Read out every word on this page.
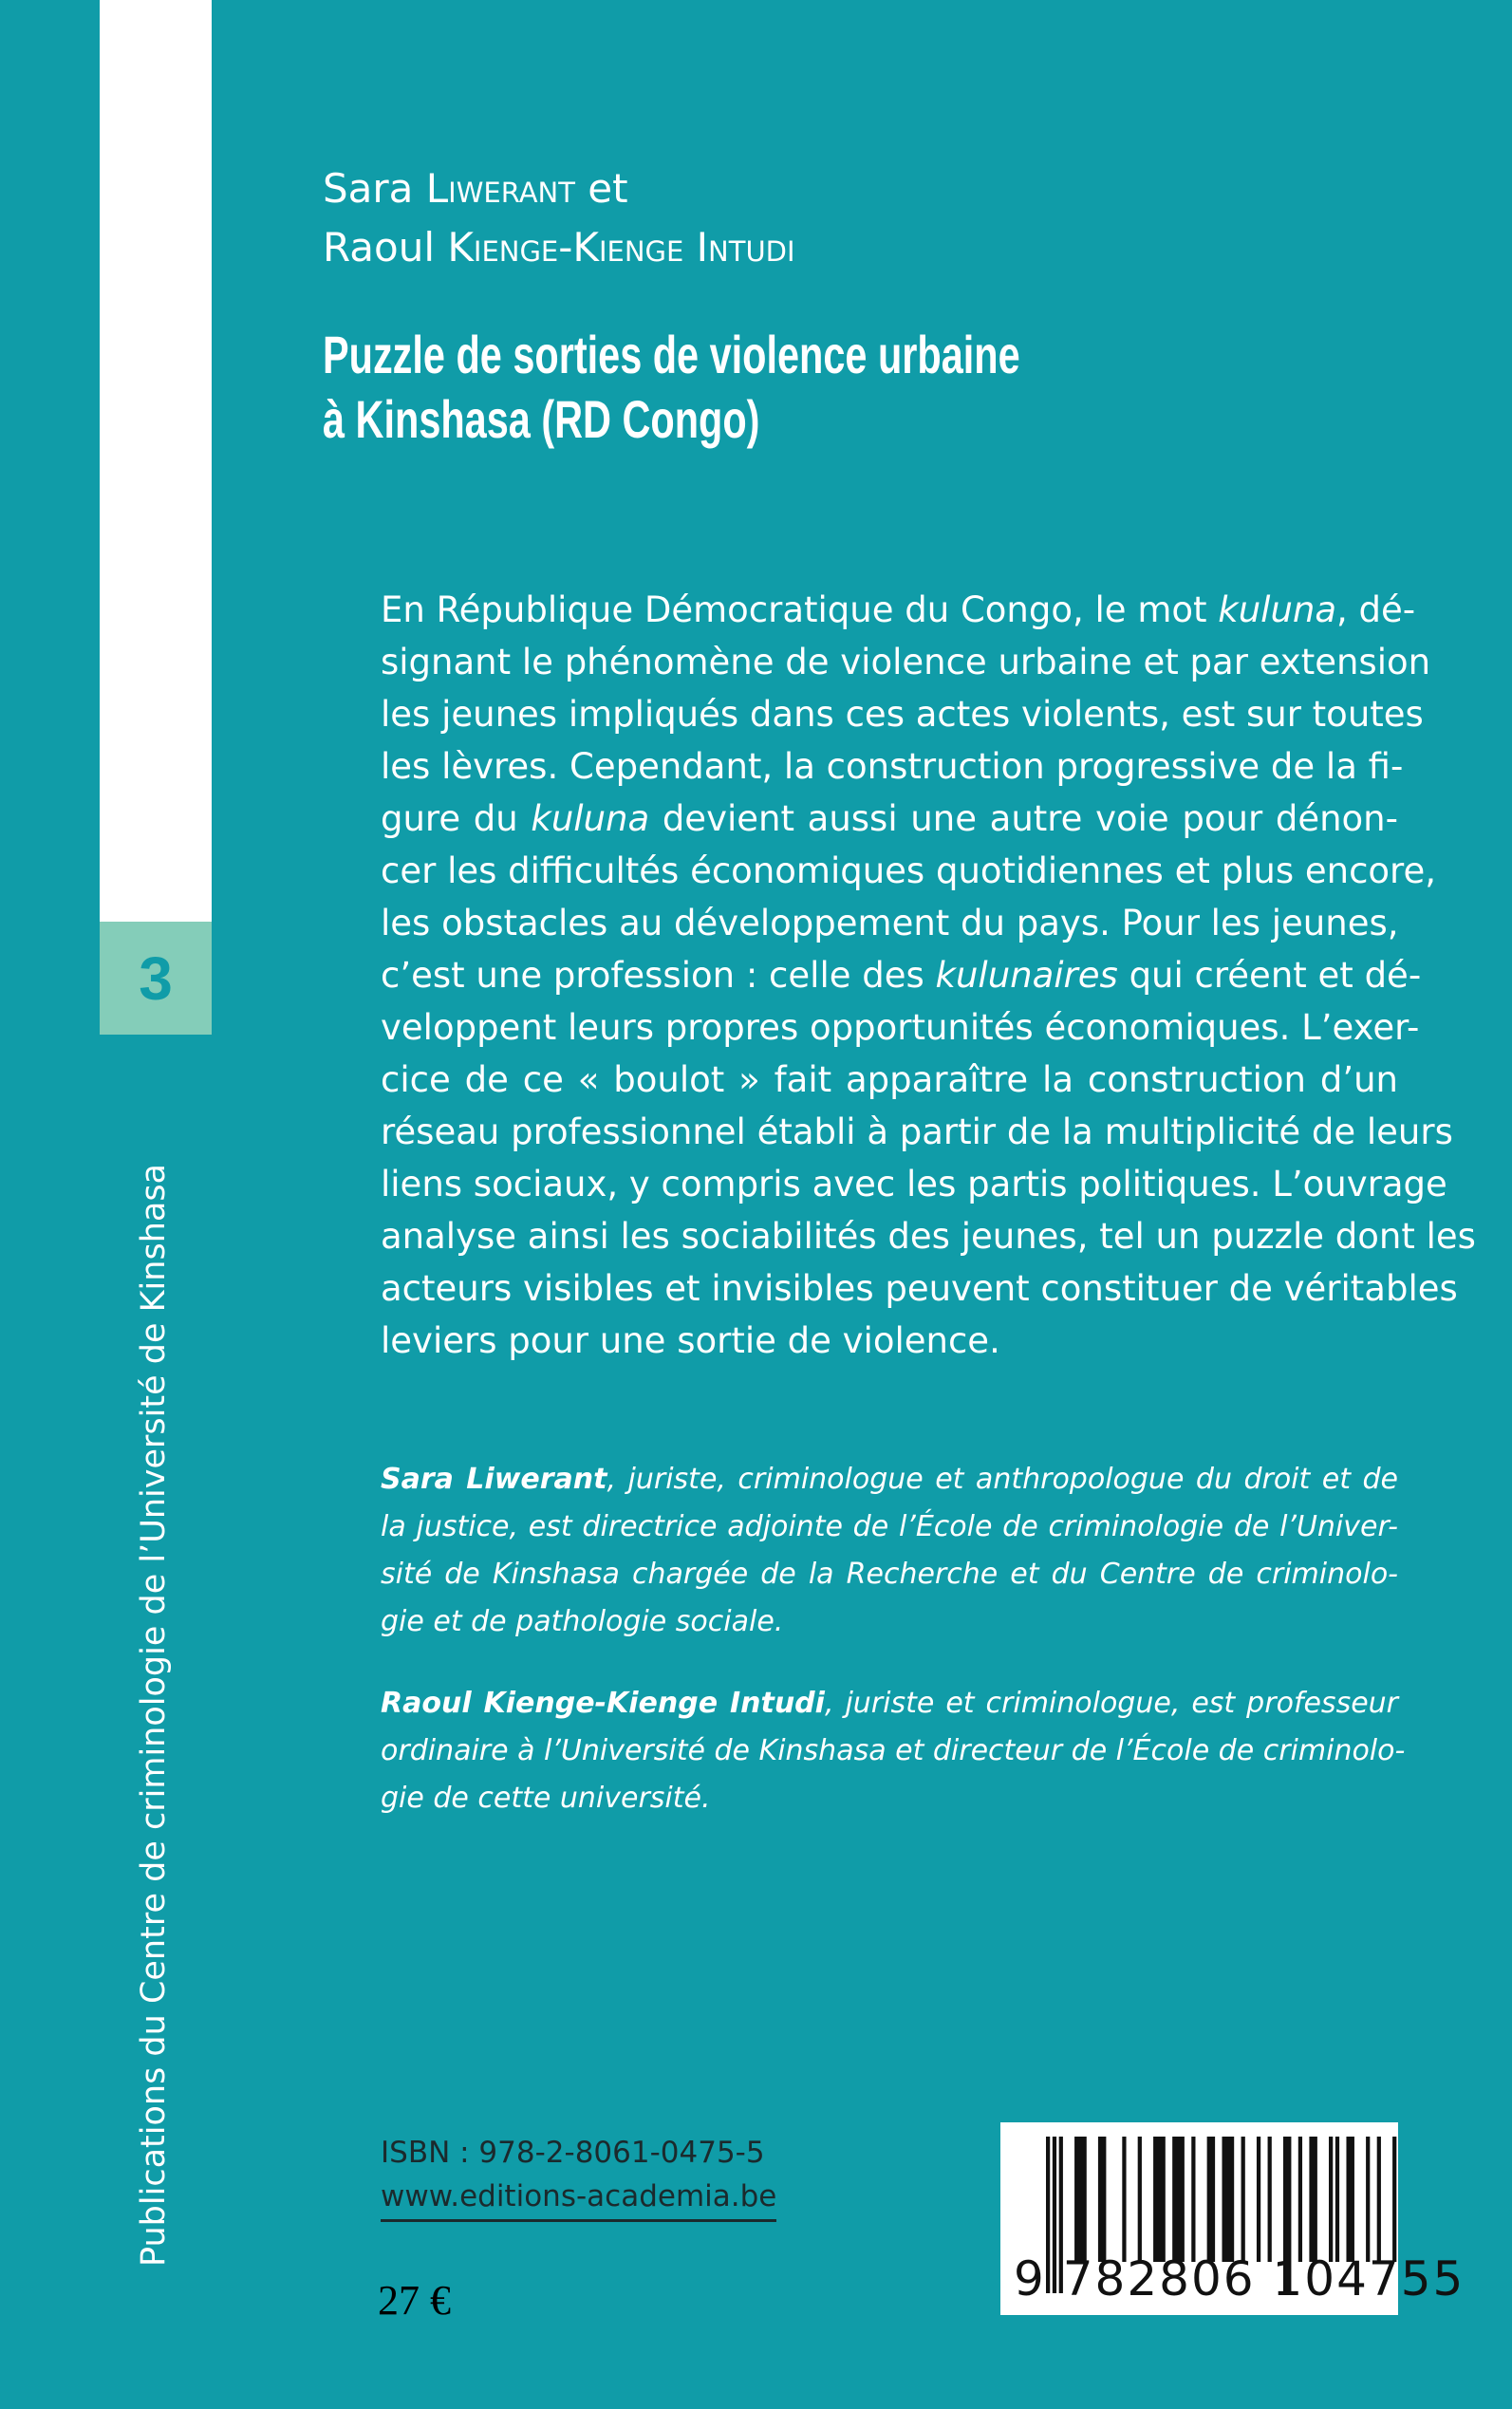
3
Publications du Centre de criminologie de l’Université de Kinshasa
Sara Liwerant et
Raoul Kienge-Kienge Intudi
Puzzle de sorties de violence urbaine
à Kinshasa (RD Congo)
En République Démocratique du Congo, le mot kuluna, dé-
signant le phénomène de violence urbaine et par extension
les jeunes impliqués dans ces actes violents, est sur toutes
les lèvres. Cependant, la construction progressive de la fi-
gure du kuluna devient aussi une autre voie pour dénon-
cer les difficultés économiques quotidiennes et plus encore,
les obstacles au développement du pays. Pour les jeunes,
c’est une profession : celle des kulunaires qui créent et dé-
veloppent leurs propres opportunités économiques. L’exer-
cice de ce « boulot » fait apparaître la construction d’un
réseau professionnel établi à partir de la multiplicité de leurs
liens sociaux, y compris avec les partis politiques. L’ouvrage
analyse ainsi les sociabilités des jeunes, tel un puzzle dont les
acteurs visibles et invisibles peuvent constituer de véritables
leviers pour une sortie de violence.
Sara Liwerant, juriste, criminologue et anthropologue du droit et de
la justice, est directrice adjointe de l’École de criminologie de l’Univer-
sité de Kinshasa chargée de la Recherche et du Centre de criminolo-
gie et de pathologie sociale.
Raoul Kienge-Kienge Intudi, juriste et criminologue, est professeur
ordinaire à l’Université de Kinshasa et directeur de l’École de criminolo-
gie de cette université.
ISBN : 978-2-8061-0475-5
www.editions-academia.be
27 €	9 782806 104755
